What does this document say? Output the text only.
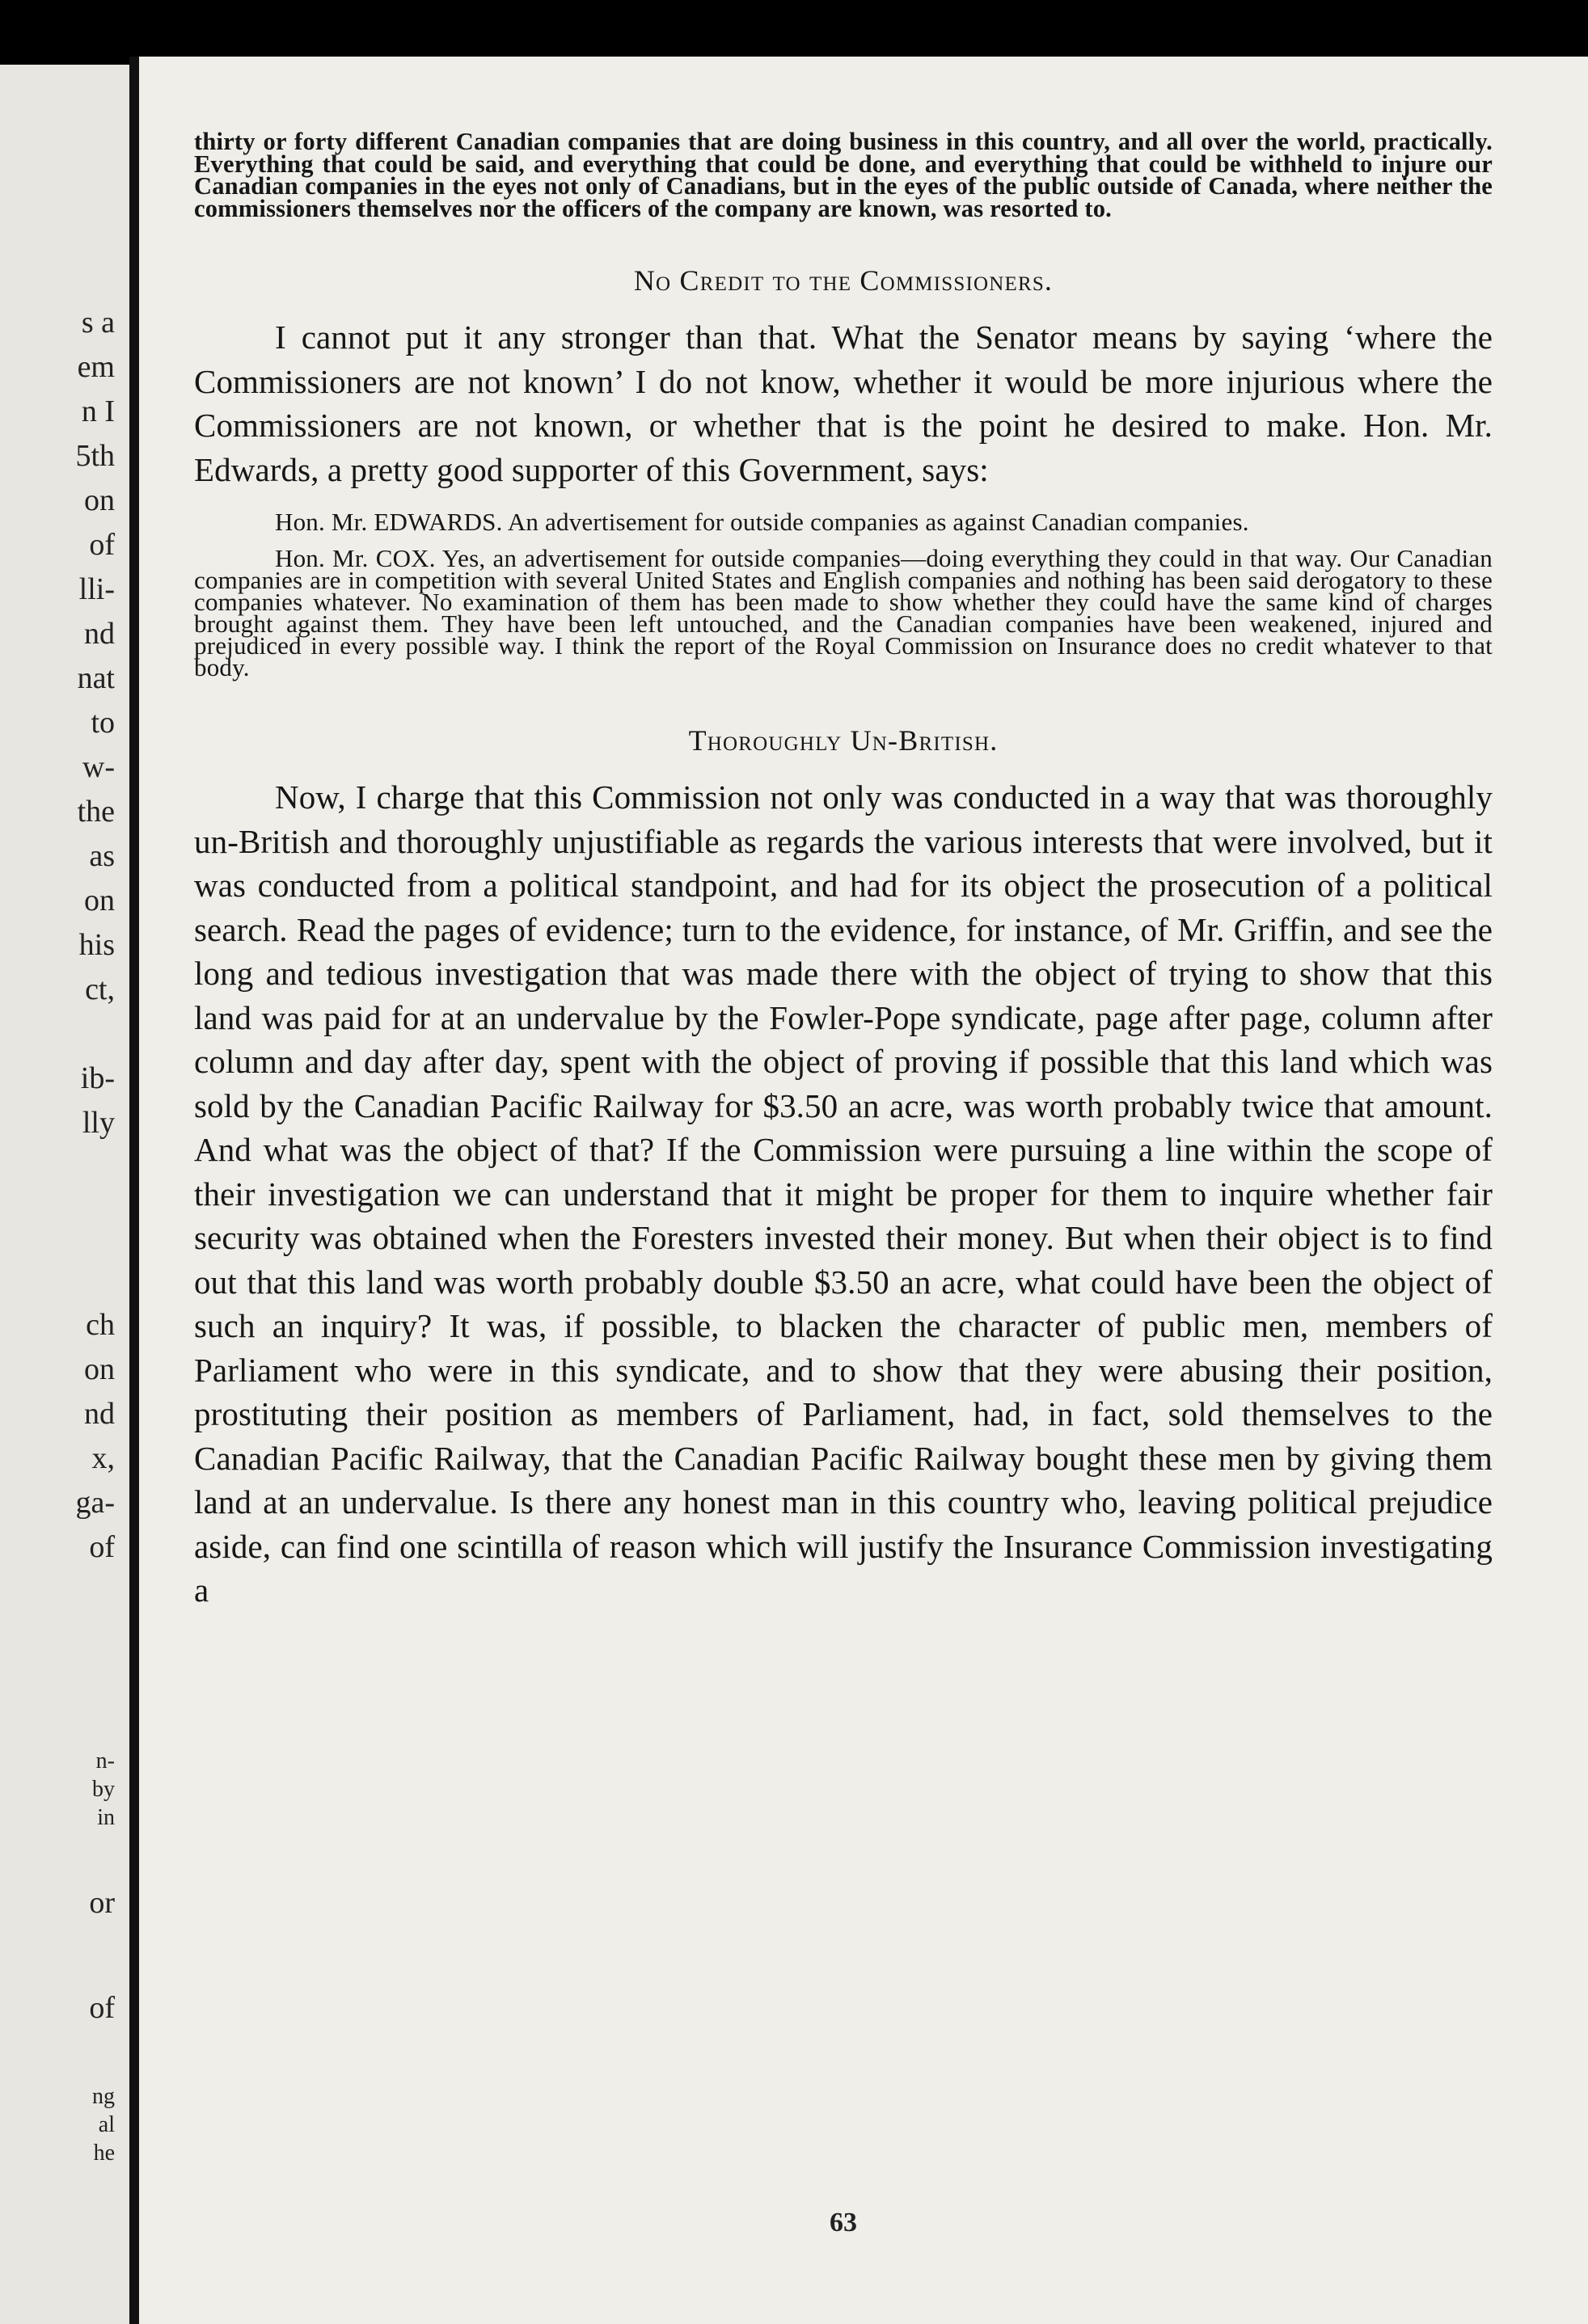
s a
em
n I
5th
on
of
lli-
nd
nat
to
w-
the
as
on
his
ct,
ib-
lly
ch
on
nd
x,
ga-
of
n-
by
in
or
of
ng
al
he

thirty or forty different Canadian companies that are doing business in this country, and all over the world, practically. Everything that could be said, and everything that could be done, and everything that could be withheld to injure our Canadian companies in the eyes not only of Canadians, but in the eyes of the public outside of Canada, where neither the commissioners themselves nor the officers of the company are known, was resorted to.

No Credit to the Commissioners.

I cannot put it any stronger than that. What the Senator means by saying ‘where the Commissioners are not known’ I do not know, whether it would be more injurious where the Commissioners are not known, or whether that is the point he desired to make. Hon. Mr. Edwards, a pretty good supporter of this Government, says:

Hon. Mr. EDWARDS. An advertisement for outside companies as against Canadian companies.

Hon. Mr. COX. Yes, an advertisement for outside companies—doing everything they could in that way. Our Canadian companies are in competition with several United States and English companies and nothing has been said derogatory to these companies whatever. No examination of them has been made to show whether they could have the same kind of charges brought against them. They have been left untouched, and the Canadian companies have been weakened, injured and prejudiced in every possible way. I think the report of the Royal Commission on Insurance does no credit whatever to that body.

Thoroughly Un-British.

Now, I charge that this Commission not only was conducted in a way that was thoroughly un-British and thoroughly unjustifiable as regards the various interests that were involved, but it was conducted from a political standpoint, and had for its object the prosecution of a political search. Read the pages of evidence; turn to the evidence, for instance, of Mr. Griffin, and see the long and tedious investigation that was made there with the object of trying to show that this land was paid for at an undervalue by the Fowler-Pope syndicate, page after page, column after column and day after day, spent with the object of proving if possible that this land which was sold by the Canadian Pacific Railway for $3.50 an acre, was worth probably twice that amount. And what was the object of that? If the Commission were pursuing a line within the scope of their investigation we can understand that it might be proper for them to inquire whether fair security was obtained when the Foresters invested their money. But when their object is to find out that this land was worth probably double $3.50 an acre, what could have been the object of such an inquiry? It was, if possible, to blacken the character of public men, members of Parliament who were in this syndicate, and to show that they were abusing their position, prostituting their position as members of Parliament, had, in fact, sold themselves to the Canadian Pacific Railway, that the Canadian Pacific Railway bought these men by giving them land at an undervalue. Is there any honest man in this country who, leaving political prejudice aside, can find one scintilla of reason which will justify the Insurance Commission investigating a

63
